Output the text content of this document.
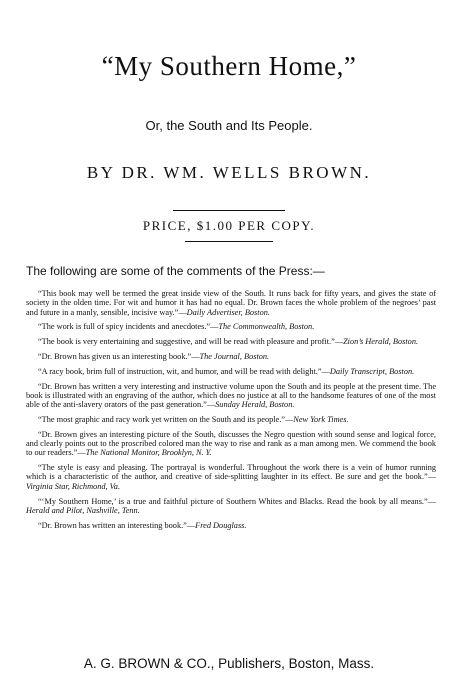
“My Southern Home,”
Or, the South and Its People.
BY DR. WM. WELLS BROWN.
PRICE, $1.00 PER COPY.
The following are some of the comments of the Press:—

“This book may well be termed the great inside view of the South. It runs back for fifty years, and gives the state of society in the olden time. For wit and humor it has had no equal. Dr. Brown faces the whole problem of the negroes’ past and future in a manly, sensible, incisive way.”—Daily Advertiser, Boston.

“The work is full of spicy incidents and anecdotes.”—The Commonwealth, Boston.

“The book is very entertaining and suggestive, and will be read with pleasure and profit.”—Zion’s Herald, Boston.

“Dr. Brown has given us an interesting book.”—The Journal, Boston.

“A racy book, brim full of instruction, wit, and humor, and will be read with delight.”—Daily Transcript, Boston.

“Dr. Brown has written a very interesting and instructive volume upon the South and its people at the present time. The book is illustrated with an engraving of the author, which does no justice at all to the handsome features of one of the most able of the anti-slavery orators of the past generation.”—Sunday Herald, Boston.

“The most graphic and racy work yet written on the South and its people.”—New York Times.

“Dr. Brown gives an interesting picture of the South, discusses the Negro question with sound sense and logical force, and clearly points out to the proscribed colored man the way to rise and rank as a man among men. We commend the book to our readers.”—The National Monitor, Brooklyn, N. Y.

“The style is easy and pleasing. The portrayal is wonderful. Throughout the work there is a vein of humor running which is a characteristic of the author, and creative of side-splitting laughter in its effect. Be sure and get the book.”—Virginia Star, Richmond, Va.

“‘My Southern Home,’ is a true and faithful picture of Southern Whites and Blacks. Read the book by all means.”—Herald and Pilot, Nashville, Tenn.

“Dr. Brown has written an interesting book.”—Fred Douglass.

A. G. BROWN & CO., Publishers, Boston, Mass.
